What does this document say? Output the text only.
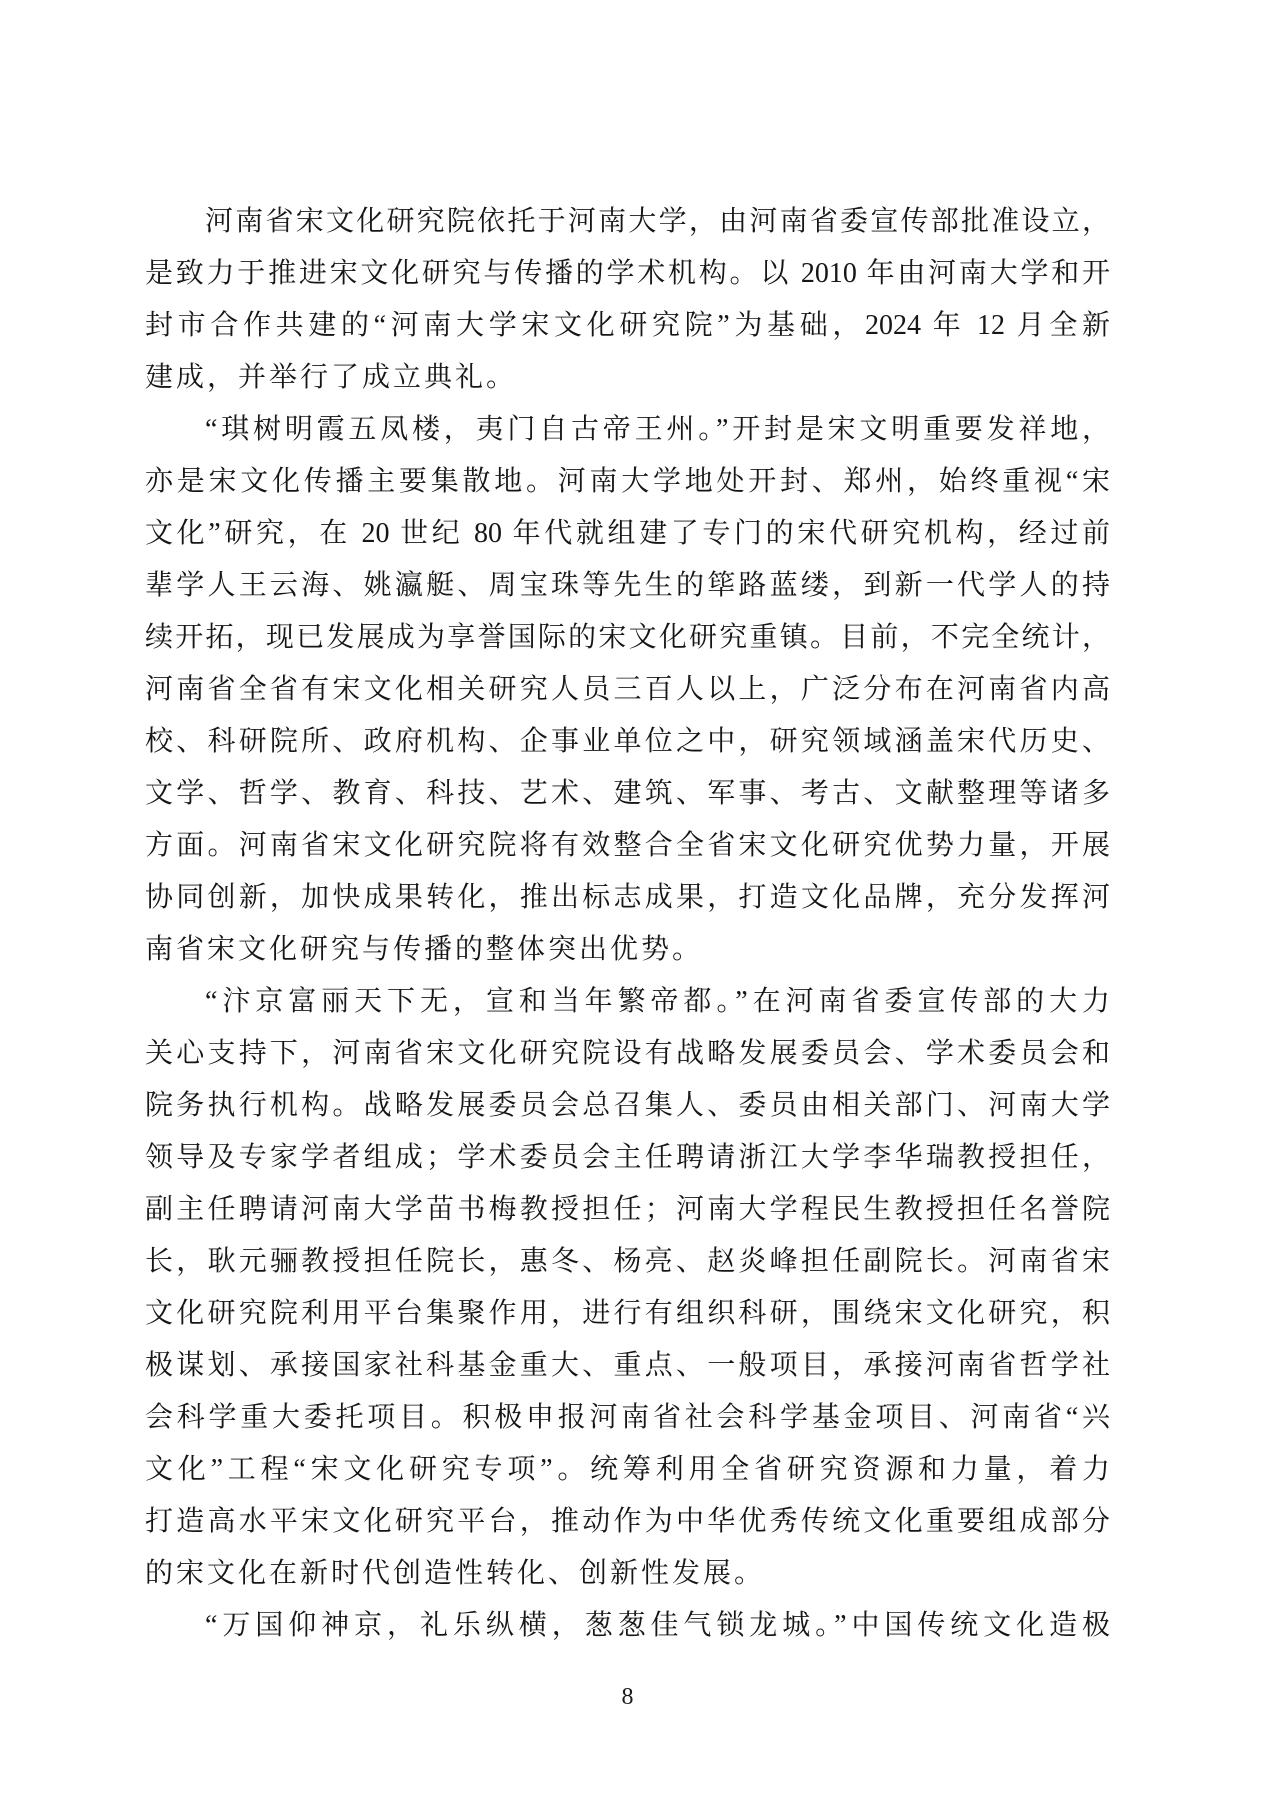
河南省宋文化研究院依托于河南大学，由河南省委宣传部批准设立，
是致力于推进宋文化研究与传播的学术机构。以 2010 年由河南大学和开
封市合作共建的“河南大学宋文化研究院”为基础，2024 年 12 月全新
建成，并举行了成立典礼。
“琪树明霞五凤楼，夷门自古帝王州。”开封是宋文明重要发祥地，
亦是宋文化传播主要集散地。河南大学地处开封、郑州，始终重视“宋
文化”研究，在 20 世纪 80 年代就组建了专门的宋代研究机构，经过前
辈学人王云海、姚瀛艇、周宝珠等先生的筚路蓝缕，到新一代学人的持
续开拓，现已发展成为享誉国际的宋文化研究重镇。目前，不完全统计，
河南省全省有宋文化相关研究人员三百人以上，广泛分布在河南省内高
校、科研院所、政府机构、企事业单位之中，研究领域涵盖宋代历史、
文学、哲学、教育、科技、艺术、建筑、军事、考古、文献整理等诸多
方面。河南省宋文化研究院将有效整合全省宋文化研究优势力量，开展
协同创新，加快成果转化，推出标志成果，打造文化品牌，充分发挥河
南省宋文化研究与传播的整体突出优势。
“汴京富丽天下无，宣和当年繁帝都。”在河南省委宣传部的大力
关心支持下，河南省宋文化研究院设有战略发展委员会、学术委员会和
院务执行机构。战略发展委员会总召集人、委员由相关部门、河南大学
领导及专家学者组成；学术委员会主任聘请浙江大学李华瑞教授担任，
副主任聘请河南大学苗书梅教授担任；河南大学程民生教授担任名誉院
长，耿元骊教授担任院长，惠冬、杨亮、赵炎峰担任副院长。河南省宋
文化研究院利用平台集聚作用，进行有组织科研，围绕宋文化研究，积
极谋划、承接国家社科基金重大、重点、一般项目，承接河南省哲学社
会科学重大委托项目。积极申报河南省社会科学基金项目、河南省“兴
文化”工程“宋文化研究专项”。统筹利用全省研究资源和力量，着力
打造高水平宋文化研究平台，推动作为中华优秀传统文化重要组成部分
的宋文化在新时代创造性转化、创新性发展。
“万国仰神京，礼乐纵横，葱葱佳气锁龙城。”中国传统文化造极
8
